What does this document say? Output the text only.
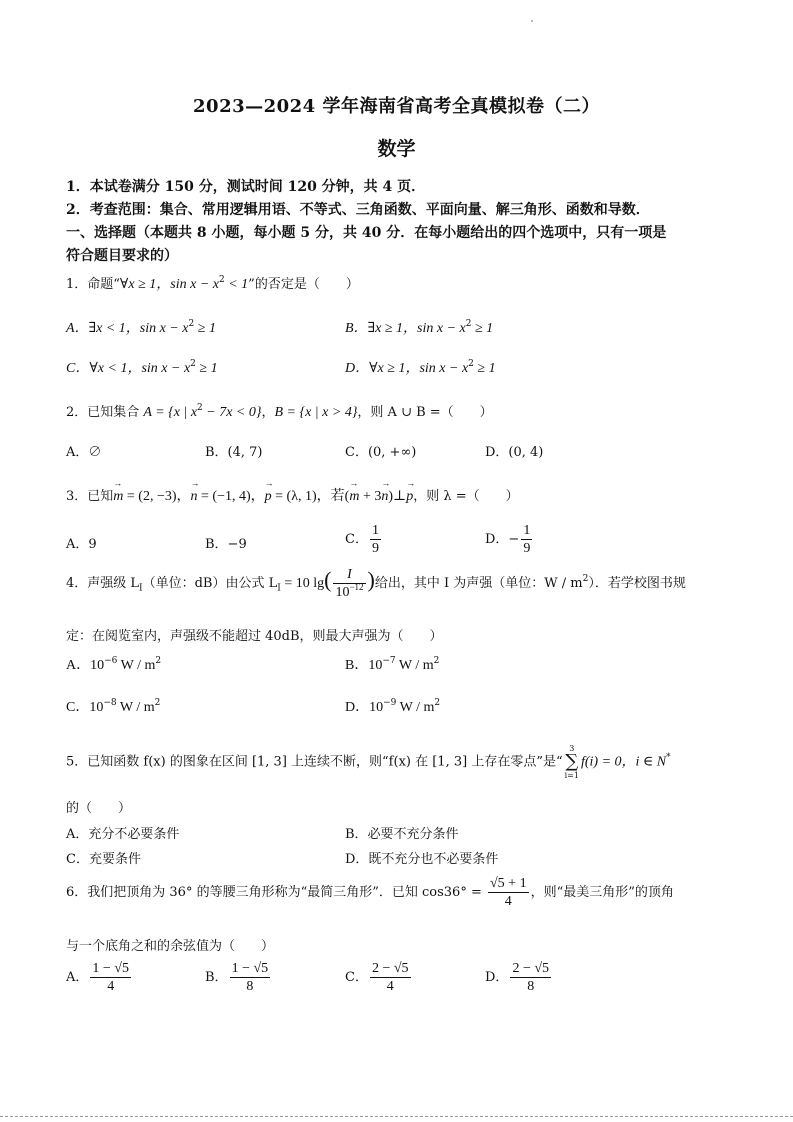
2023—2024 学年海南省高考全真模拟卷（二）
数学
1．本试卷满分 150 分，测试时间 120 分钟，共 4 页．
2．考查范围：集合、常用逻辑用语、不等式、三角函数、平面向量、解三角形、函数和导数．
一、选择题（本题共 8 小题，每小题 5 分，共 40 分．在每小题给出的四个选项中，只有一项是
符合题目要求的）
1．命题“∀x ≥ 1，$\sin x - x^2 < 1$”的否定是（　　）
A．∃x < 1，$\sin x - x^2 \ge 1$	B．∃x ≥ 1，$\sin x - x^2 \ge 1$
C．∀x < 1，$\sin x - x^2 \ge 1$	D．∀x ≥ 1，$\sin x - x^2 \ge 1$
2．已知集合 A = {x | $x^2 - 7x < 0$}，B = {x | x > 4}，则 A ∪ B =（　　）
A．∅	B．(4, 7)	C．(0, +∞)	D．(0, 4)
3．已知→ m = (2, −3)，→ n = (−1, 4)，→ p = (λ, 1)，若(→ m + 3→ n)⊥→ p，则 λ =（　　）
A．9	B．−9	C． $\frac{1}{9}$	D．− $\frac{1}{9}$
4．声强级 $L_I$（单位：dB）由公式 $L_I = 10$ $\lg( \frac{I}{10^{-12}}$ )给出，其中 I 为声强（单位：W / $m^2$）．若学校图书规
定：在阅览室内，声强级不能超过 40dB，则最大声强为（　　）
A．$10^{-6}$ W / $m^2$	B．$10^{-7}$ W / $m^2$
C．$10^{-8}$ W / $m^2$	D．$10^{-9}$ W / $m^2$
5．已知函数 f(x) 的图象在区间 [1, 3] 上连续不断，则“f(x) 在 [1, 3] 上存在零点”是“
3
∑
i=1
f(i) = 0，i ∈ N*
的（　　）
A．充分不必要条件	B．必要不充分条件
C．充要条件	D．既不充分也不必要条件
6．我们把顶角为 36° 的等腰三角形称为“最简三角形”．已知 $\cos 36^\circ = \frac{√5 + 1}{4}$ ，则“最美三角形”的顶角
与一个底角之和的余弦值为（　　）
A． $\frac{1 - √5}{4}$	B． $\frac{1 - √5}{8}$	C． $\frac{2 - √5}{4}$	D． $\frac{2 - √5}{8}$
